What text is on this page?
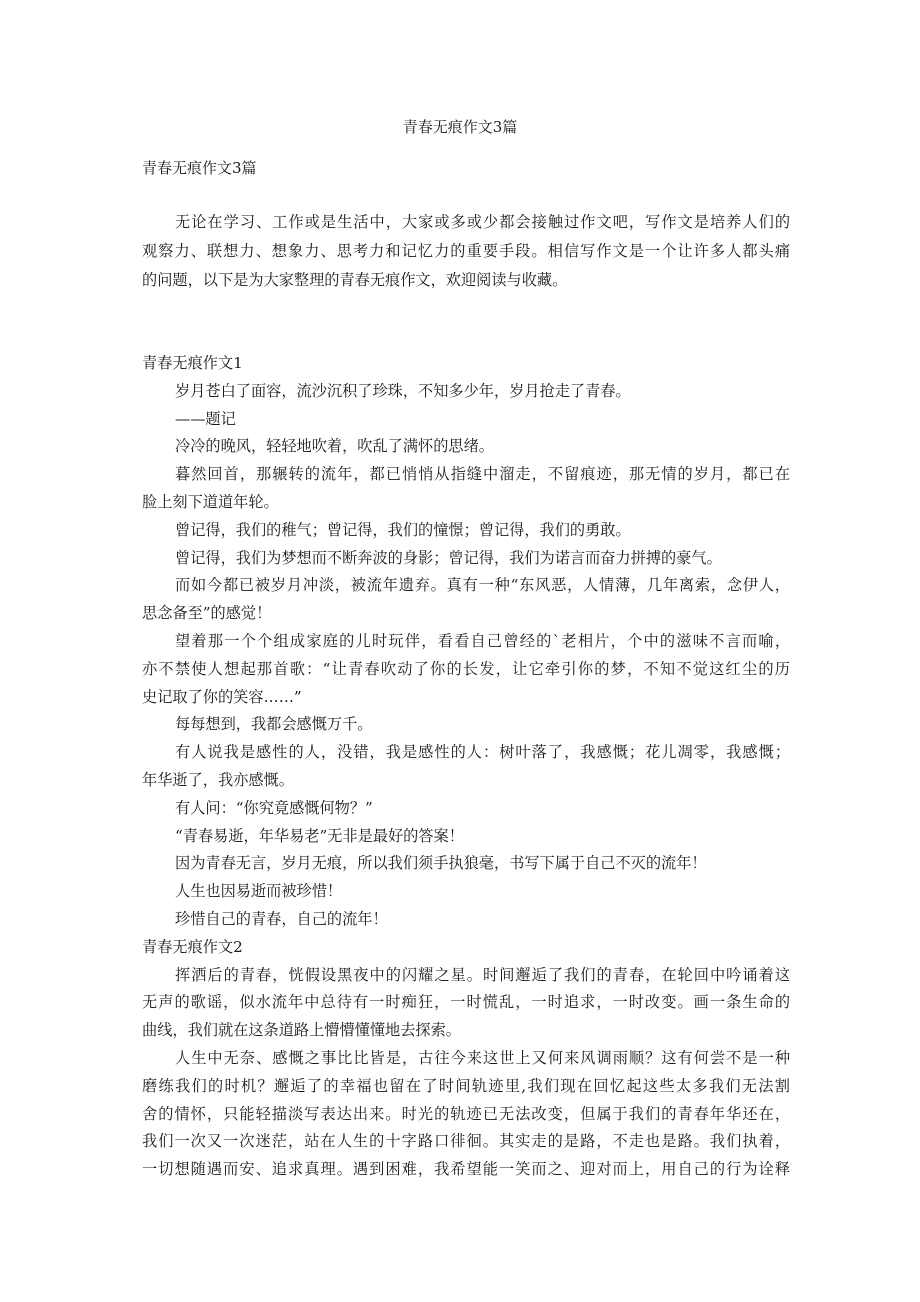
青春无痕作文3篇
青春无痕作文3篇
无论在学习、工作或是生活中，大家或多或少都会接触过作文吧，写作文是培养人们的
观察力、联想力、想象力、思考力和记忆力的重要手段。相信写作文是一个让许多人都头痛
的问题，以下是为大家整理的青春无痕作文，欢迎阅读与收藏。
青春无痕作文1
岁月苍白了面容，流沙沉积了珍珠，不知多少年，岁月抢走了青春。
——题记
冷冷的晚风，轻轻地吹着，吹乱了满怀的思绪。
暮然回首，那辗转的流年，都已悄悄从指缝中溜走，不留痕迹，那无情的岁月，都已在
脸上刻下道道年轮。
曾记得，我们的稚气；曾记得，我们的憧憬；曾记得，我们的勇敢。
曾记得，我们为梦想而不断奔波的身影；曾记得，我们为诺言而奋力拼搏的豪气。
而如今都已被岁月冲淡，被流年遗弃。真有一种“东风恶，人情薄，几年离索，念伊人，
思念备至”的感觉！
望着那一个个组成家庭的儿时玩伴，看看自己曾经的`老相片，个中的滋味不言而喻，
亦不禁使人想起那首歌：“让青春吹动了你的长发，让它牵引你的梦，不知不觉这红尘的历
史记取了你的笑容……”
每每想到，我都会感慨万千。
有人说我是感性的人，没错，我是感性的人：树叶落了，我感慨；花儿凋零，我感慨；
年华逝了，我亦感慨。
有人问：“你究竟感慨何物？”
“青春易逝，年华易老”无非是最好的答案！
因为青春无言，岁月无痕，所以我们须手执狼毫，书写下属于自己不灭的流年！
人生也因易逝而被珍惜！
珍惜自己的青春，自己的流年！
青春无痕作文2
挥洒后的青春，恍假设黑夜中的闪耀之星。时间邂逅了我们的青春，在轮回中吟诵着这
无声的歌谣，似水流年中总待有一时痴狂，一时慌乱，一时追求，一时改变。画一条生命的
曲线，我们就在这条道路上懵懵懂懂地去探索。
人生中无奈、感慨之事比比皆是，古往今来这世上又何来风调雨顺？这有何尝不是一种
磨练我们的时机？邂逅了的幸福也留在了时间轨迹里,我们现在回忆起这些太多我们无法割
舍的情怀，只能轻描淡写表达出来。时光的轨迹已无法改变，但属于我们的青春年华还在，
我们一次又一次迷茫，站在人生的十字路口徘徊。其实走的是路，不走也是路。我们执着，
一切想随遇而安、追求真理。遇到困难，我希望能一笑而之、迎对而上，用自己的行为诠释
